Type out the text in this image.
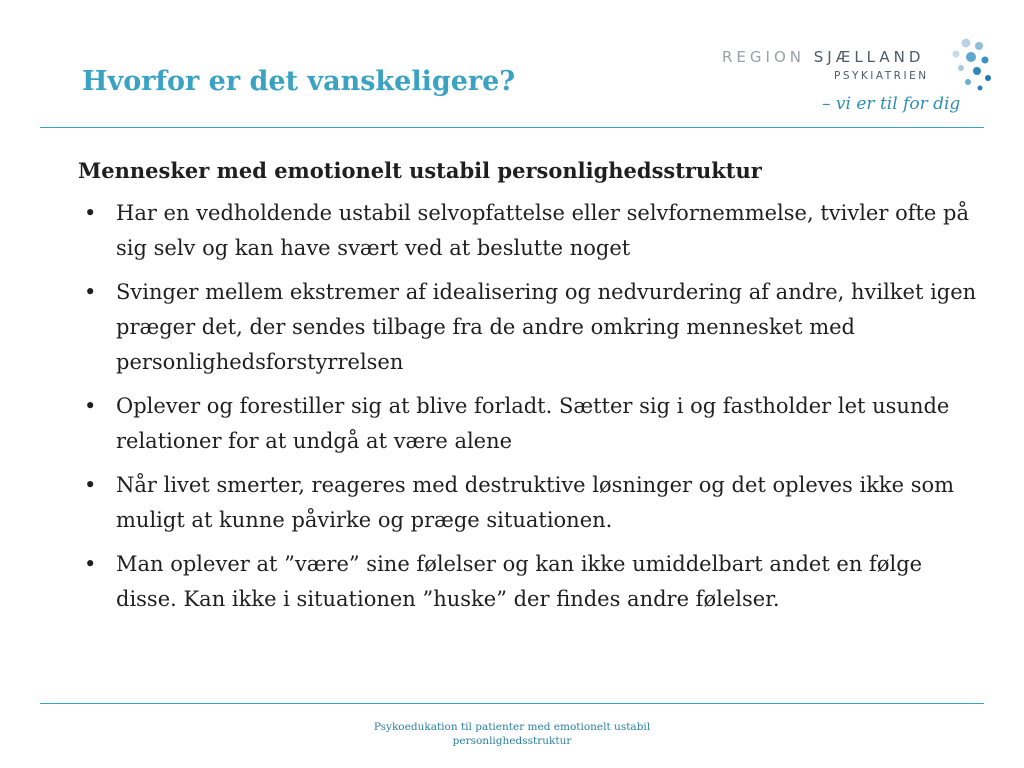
Hvorfor er det vanskeligere?
REGION SJÆLLAND
PSYKIATRIEN
– vi er til for dig

Mennesker med emotionelt ustabil personlighedsstruktur

• Har en vedholdende ustabil selvopfattelse eller selvfornemmelse, tvivler ofte på sig selv og kan have svært ved at beslutte noget
• Svinger mellem ekstremer af idealisering og nedvurdering af andre, hvilket igen præger det, der sendes tilbage fra de andre omkring mennesket med personlighedsforstyrrelsen
• Oplever og forestiller sig at blive forladt. Sætter sig i og fastholder let usunde relationer for at undgå at være alene
• Når livet smerter, reageres med destruktive løsninger og det opleves ikke som muligt at kunne påvirke og præge situationen.
• Man oplever at ”være” sine følelser og kan ikke umiddelbart andet en følge disse. Kan ikke i situationen ”huske” der findes andre følelser.
Psykoedukation til patienter med emotionelt ustabil
personlighedsstruktur
